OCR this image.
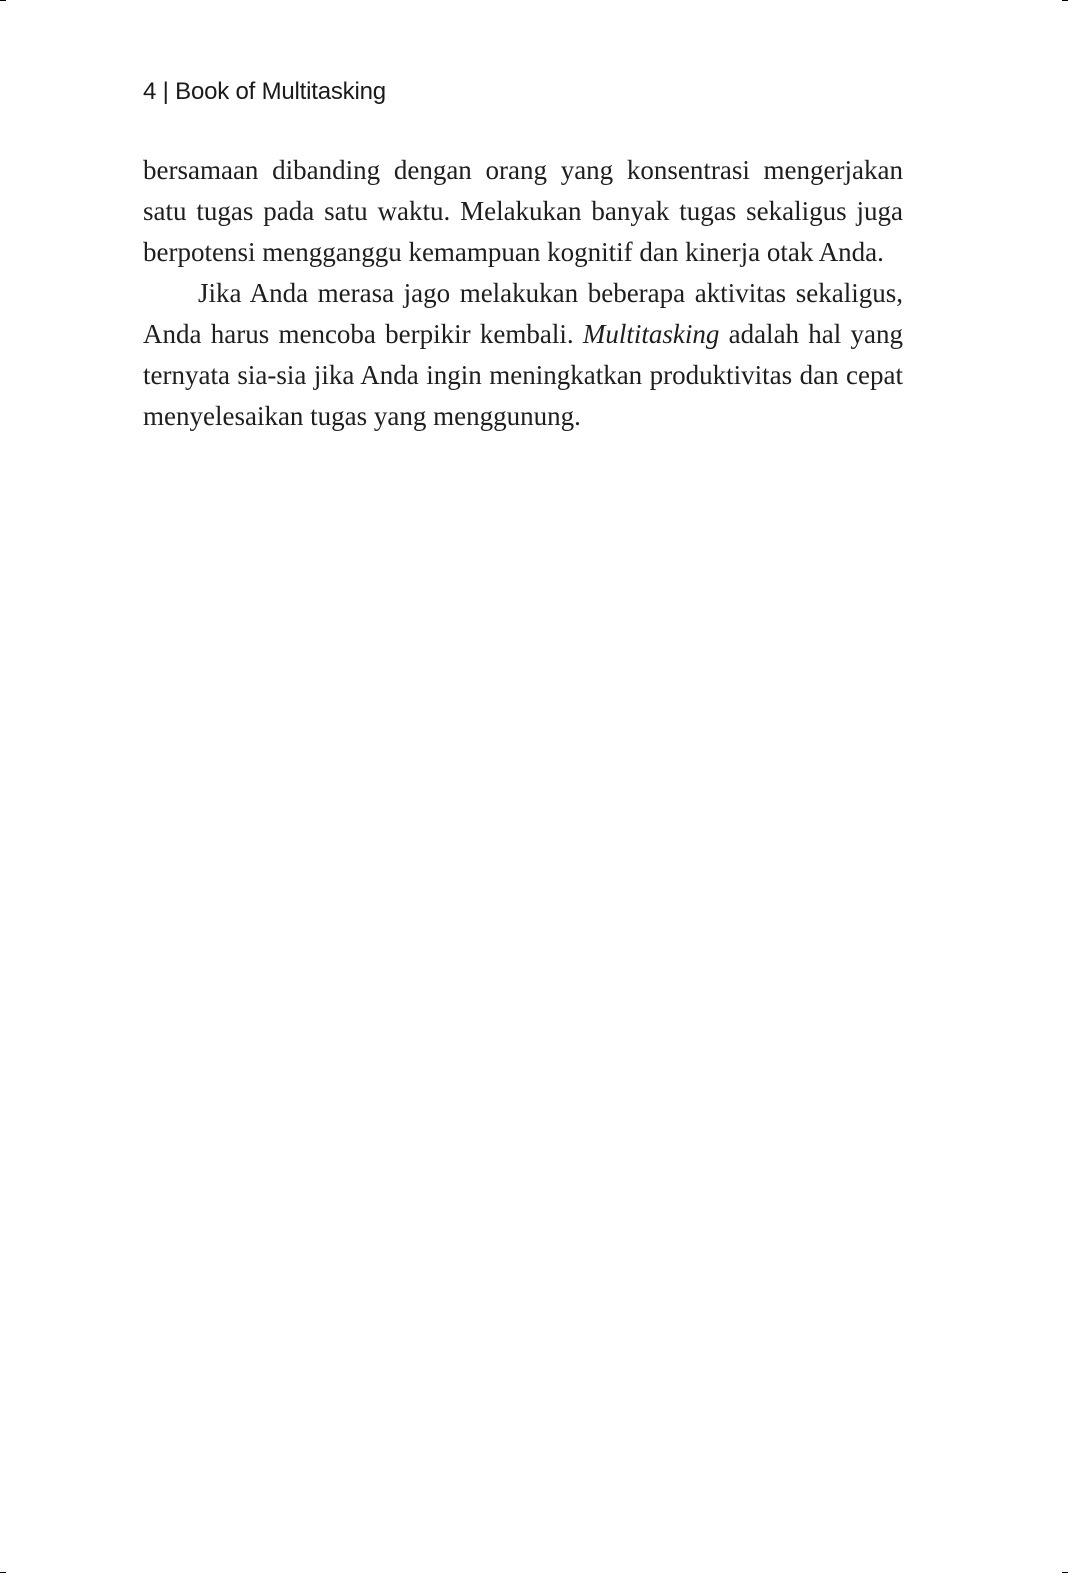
4 | Book of Multitasking

bersamaan dibanding dengan orang yang konsentrasi mengerjakan satu tugas pada satu waktu. Melakukan banyak tugas sekaligus juga berpotensi mengganggu kemampuan kognitif dan kinerja otak Anda.

Jika Anda merasa jago melakukan beberapa aktivitas sekaligus, Anda harus mencoba berpikir kembali. Multitasking adalah hal yang ternyata sia-sia jika Anda ingin meningkatkan produktivitas dan cepat menyelesaikan tugas yang menggunung.
